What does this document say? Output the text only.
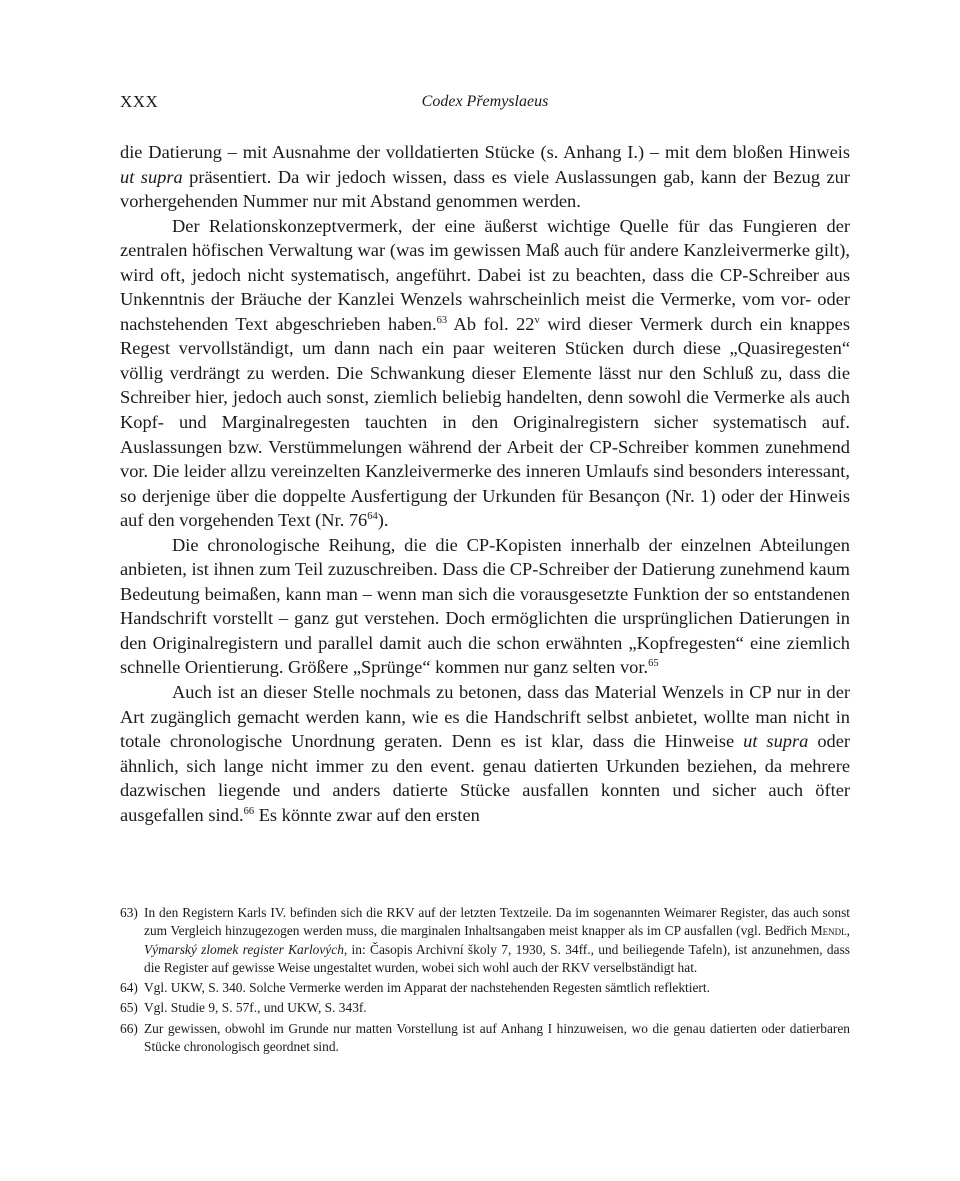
XXX	Codex Přemyslaeus

die Datierung – mit Ausnahme der volldatierten Stücke (s. Anhang I.) – mit dem bloßen Hinweis ut supra präsentiert. Da wir jedoch wissen, dass es viele Auslassungen gab, kann der Bezug zur vorhergehenden Nummer nur mit Abstand genommen werden.

Der Relationskonzeptvermerk, der eine äußerst wichtige Quelle für das Fungieren der zentralen höfischen Verwaltung war (was im gewissen Maß auch für andere Kanzleivermerke gilt), wird oft, jedoch nicht systematisch, angeführt. Dabei ist zu beachten, dass die CP-Schreiber aus Unkenntnis der Bräuche der Kanzlei Wenzels wahrscheinlich meist die Vermerke, vom vor- oder nachstehenden Text abgeschrieben haben.$^{63}$ Ab fol. 22$^v$ wird dieser Vermerk durch ein knappes Regest vervollständigt, um dann nach ein paar weiteren Stücken durch diese „Quasiregesten“ völlig verdrängt zu werden. Die Schwankung dieser Elemente lässt nur den Schluß zu, dass die Schreiber hier, jedoch auch sonst, ziemlich beliebig handelten, denn sowohl die Vermerke als auch Kopf- und Marginalregesten tauchten in den Originalregistern sicher systematisch auf. Auslassungen bzw. Verstümmelungen während der Arbeit der CP-Schreiber kommen zunehmend vor. Die leider allzu vereinzelten Kanzleivermerke des inneren Umlaufs sind besonders interessant, so derjenige über die doppelte Ausfertigung der Urkunden für Besançon (Nr. 1) oder der Hinweis auf den vorgehenden Text (Nr. $76^{64}$).

Die chronologische Reihung, die die CP-Kopisten innerhalb der einzelnen Abteilungen anbieten, ist ihnen zum Teil zuzuschreiben. Dass die CP-Schreiber der Datierung zunehmend kaum Bedeutung beimaßen, kann man – wenn man sich die vorausgesetzte Funktion der so entstandenen Handschrift vorstellt – ganz gut verstehen. Doch ermöglichten die ursprünglichen Datierungen in den Originalregistern und parallel damit auch die schon erwähnten „Kopfregesten“ eine ziemlich schnelle Orientierung. Größere „Sprünge“ kommen nur ganz selten vor.$^{65}$

Auch ist an dieser Stelle nochmals zu betonen, dass das Material Wenzels in CP nur in der Art zugänglich gemacht werden kann, wie es die Handschrift selbst anbietet, wollte man nicht in totale chronologische Unordnung geraten. Denn es ist klar, dass die Hinweise ut supra oder ähnlich, sich lange nicht immer zu den event. genau datierten Urkunden beziehen, da mehrere dazwischen liegende und anders datierte Stücke ausfallen konnten und sicher auch öfter ausgefallen sind.$^{66}$ Es könnte zwar auf den ersten

63) In den Registern Karls IV. befinden sich die RKV auf der letzten Textzeile. Da im sogenannten Weimarer Register, das auch sonst zum Vergleich hinzugezogen werden muss, die marginalen Inhaltsangaben meist knapper als im CP ausfallen (vgl. Bedřich Mendl, Výmarský zlomek register Karlových, in: Časopis Archivní školy 7, 1930, S. 34ff., und beiliegende Tafeln), ist anzunehmen, dass die Register auf gewisse Weise ungestaltet wurden, wobei sich wohl auch der RKV verselbständigt hat.
64) Vgl. UKW, S. 340. Solche Vermerke werden im Apparat der nachstehenden Regesten sämtlich reflektiert.
65) Vgl. Studie 9, S. 57f., und UKW, S. 343f.
66) Zur gewissen, obwohl im Grunde nur matten Vorstellung ist auf Anhang I hinzuweisen, wo die genau datierten oder datierbaren Stücke chronologisch geordnet sind.
